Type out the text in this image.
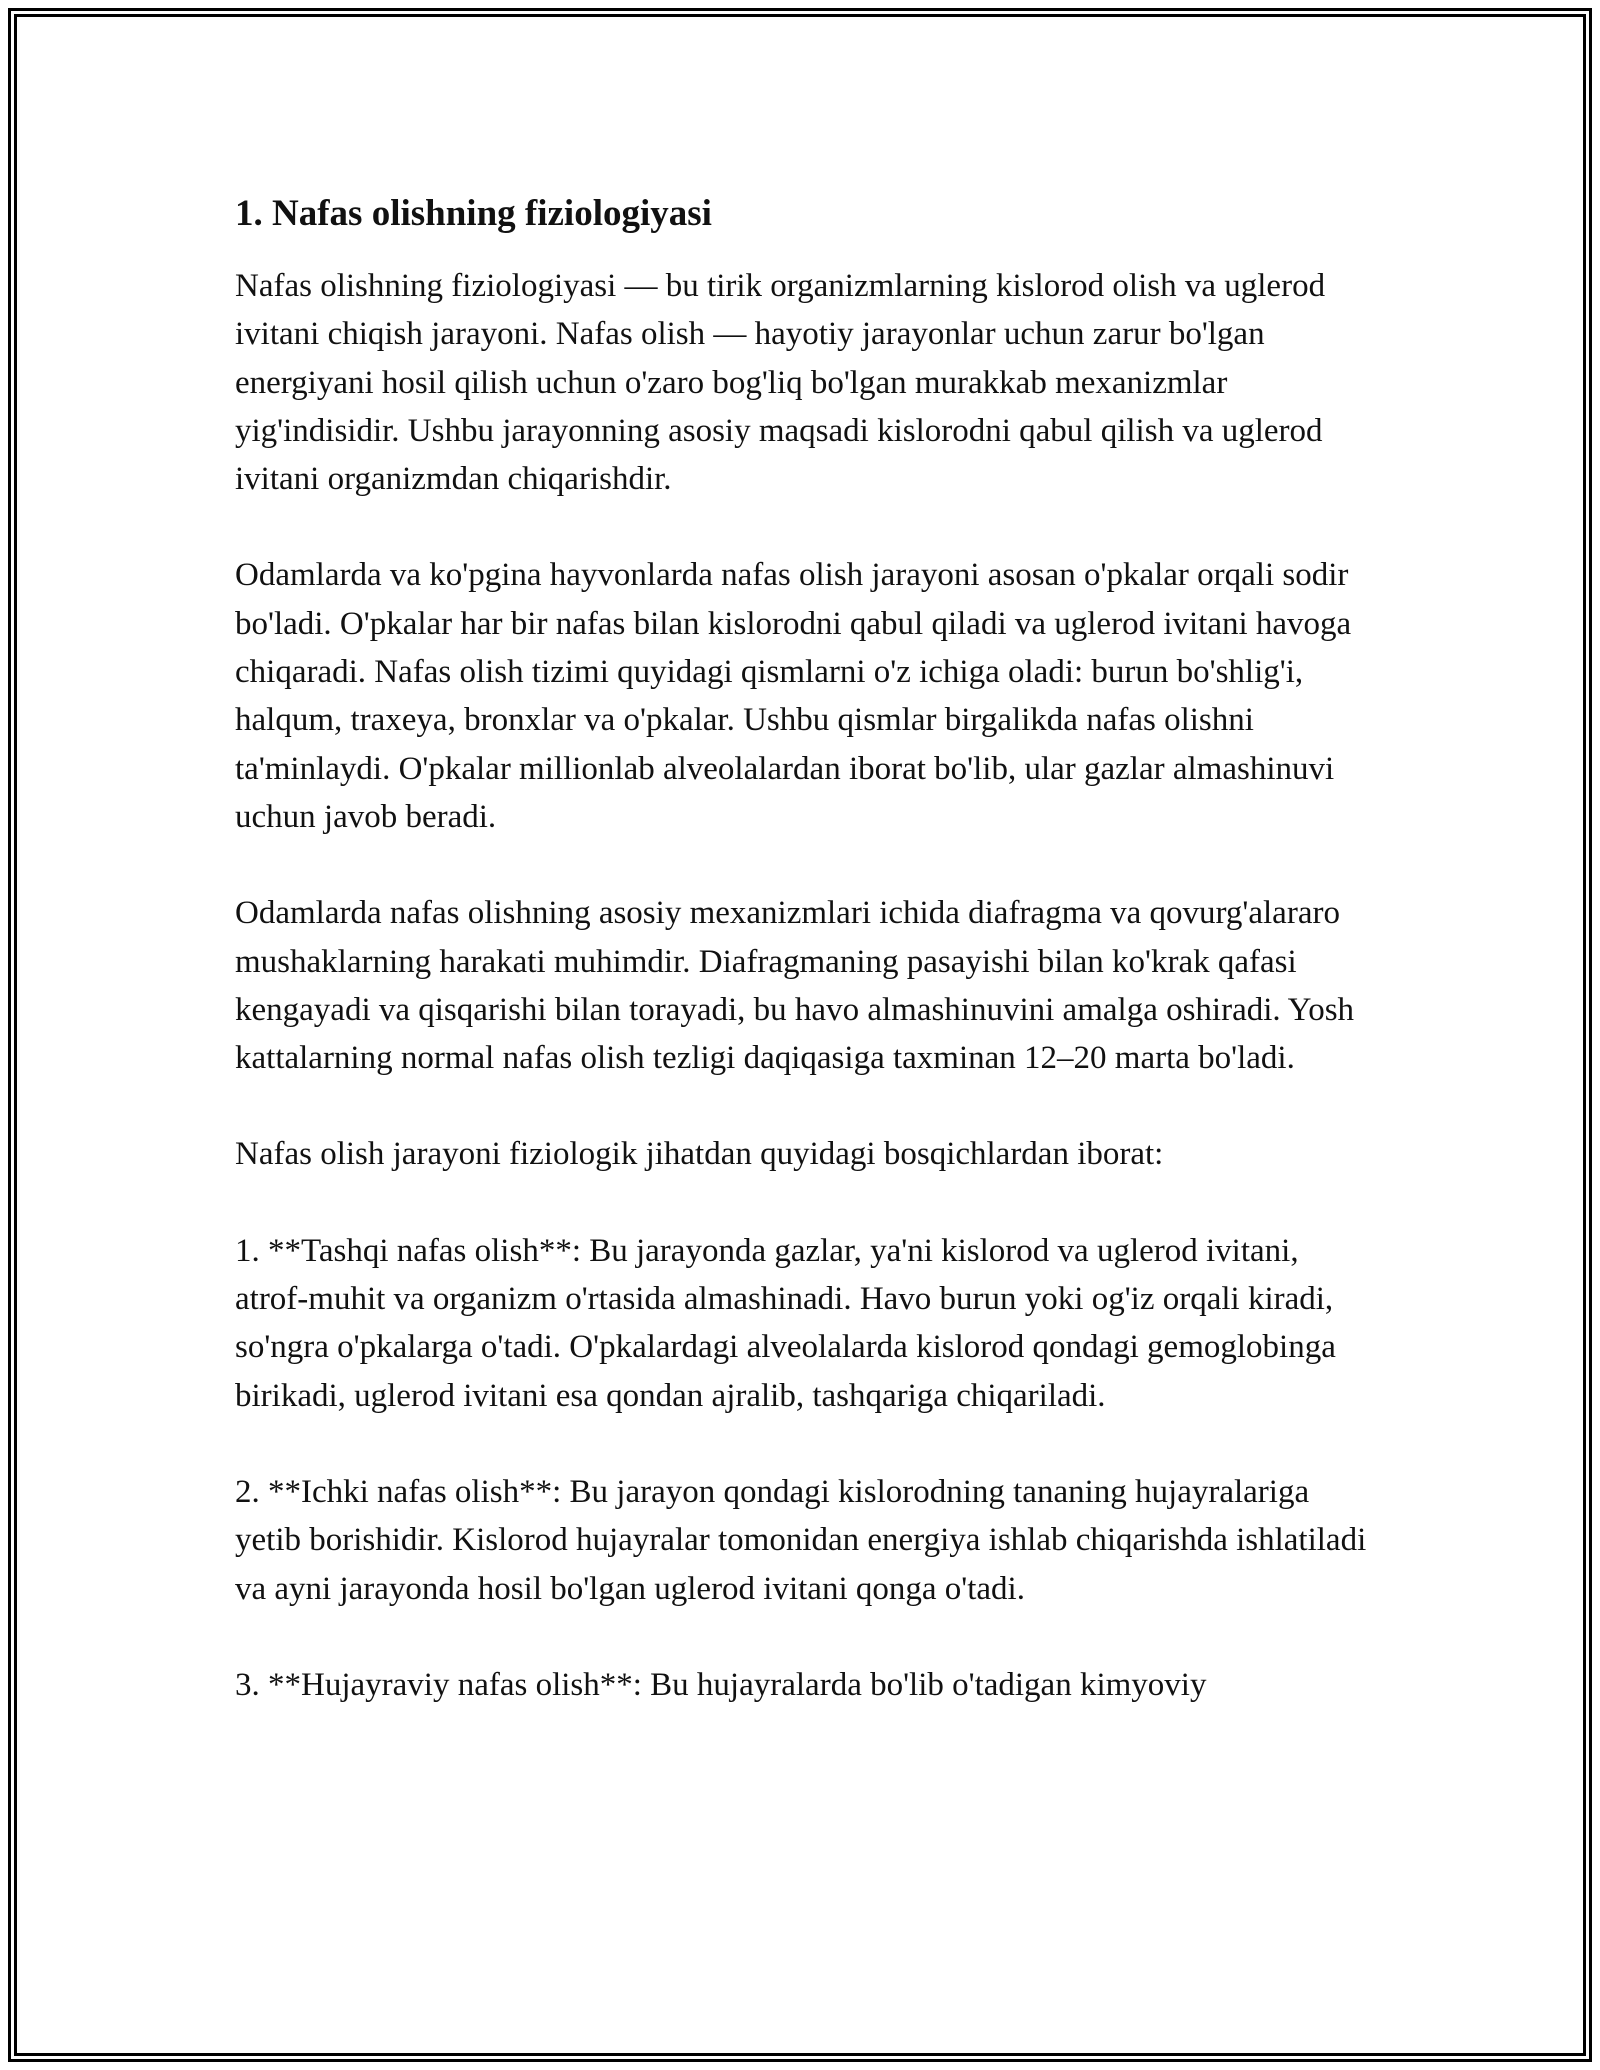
1. Nafas olishning fiziologiyasi

Nafas olishning fiziologiyasi — bu tirik organizmlarning kislorod olish va uglerod ivitani chiqish jarayoni. Nafas olish — hayotiy jarayonlar uchun zarur bo'lgan energiyani hosil qilish uchun o'zaro bog'liq bo'lgan murakkab mexanizmlar yig'indisidir. Ushbu jarayonning asosiy maqsadi kislorodni qabul qilish va uglerod ivitani organizmdan chiqarishdir.

Odamlarda va ko'pgina hayvonlarda nafas olish jarayoni asosan o'pkalar orqali sodir bo'ladi. O'pkalar har bir nafas bilan kislorodni qabul qiladi va uglerod ivitani havoga chiqaradi. Nafas olish tizimi quyidagi qismlarni o'z ichiga oladi: burun bo'shlig'i, halqum, traxeya, bronxlar va o'pkalar. Ushbu qismlar birgalikda nafas olishni ta'minlaydi. O'pkalar millionlab alveolalardan iborat bo'lib, ular gazlar almashinuvi uchun javob beradi.

Odamlarda nafas olishning asosiy mexanizmlari ichida diafragma va qovurg'alararo mushaklarning harakati muhimdir. Diafragmaning pasayishi bilan ko'krak qafasi kengayadi va qisqarishi bilan torayadi, bu havo almashinuvini amalga oshiradi. Yosh kattalarning normal nafas olish tezligi daqiqasiga taxminan 12–20 marta bo'ladi.

Nafas olish jarayoni fiziologik jihatdan quyidagi bosqichlardan iborat:

1. **Tashqi nafas olish**: Bu jarayonda gazlar, ya'ni kislorod va uglerod ivitani, atrof-muhit va organizm o'rtasida almashinadi. Havo burun yoki og'iz orqali kiradi, so'ngra o'pkalarga o'tadi. O'pkalardagi alveolalarda kislorod qondagi gemoglobinga birikadi, uglerod ivitani esa qondan ajralib, tashqariga chiqariladi.

2. **Ichki nafas olish**: Bu jarayon qondagi kislorodning tananing hujayralariga yetib borishidir. Kislorod hujayralar tomonidan energiya ishlab chiqarishda ishlatiladi va ayni jarayonda hosil bo'lgan uglerod ivitani qonga o'tadi.

3. **Hujayraviy nafas olish**: Bu hujayralarda bo'lib o'tadigan kimyoviy
